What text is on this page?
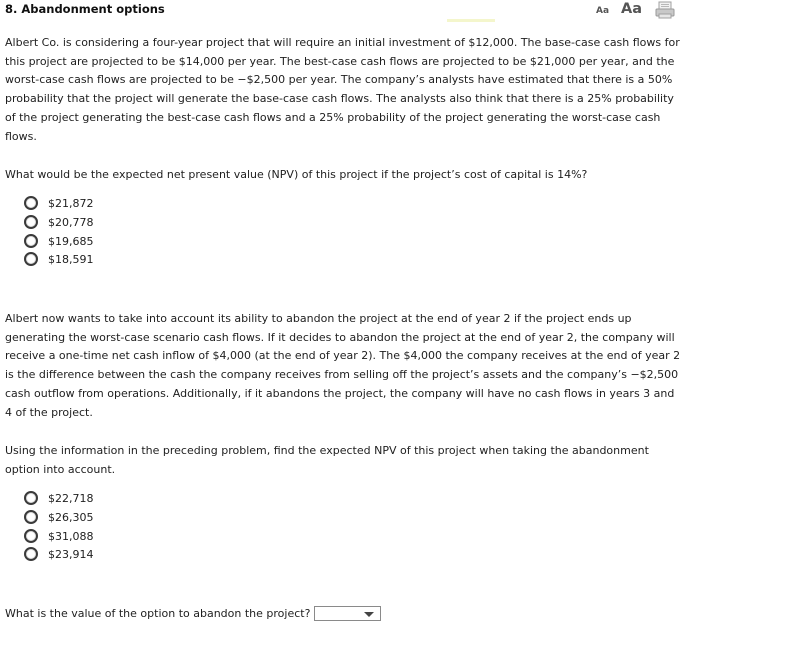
8. Abandonment options	Aa Aa

Albert Co. is considering a four-year project that will require an initial investment of $12,000. The base-case cash flows for this project are projected to be $14,000 per year. The best-case cash flows are projected to be $21,000 per year, and the worst-case cash flows are projected to be −$2,500 per year. The company’s analysts have estimated that there is a 50% probability that the project will generate the base-case cash flows. The analysts also think that there is a 25% probability of the project generating the best-case cash flows and a 25% probability of the project generating the worst-case cash flows.

What would be the expected net present value (NPV) of this project if the project’s cost of capital is 14%?

$21,872
$20,778
$19,685
$18,591

Albert now wants to take into account its ability to abandon the project at the end of year 2 if the project ends up generating the worst-case scenario cash flows. If it decides to abandon the project at the end of year 2, the company will receive a one-time net cash inflow of $4,000 (at the end of year 2). The $4,000 the company receives at the end of year 2 is the difference between the cash the company receives from selling off the project’s assets and the company’s −$2,500 cash outflow from operations. Additionally, if it abandons the project, the company will have no cash flows in years 3 and 4 of the project.

Using the information in the preceding problem, find the expected NPV of this project when taking the abandonment option into account.

$22,718
$26,305
$31,088
$23,914
What is the value of the option to abandon the project?
